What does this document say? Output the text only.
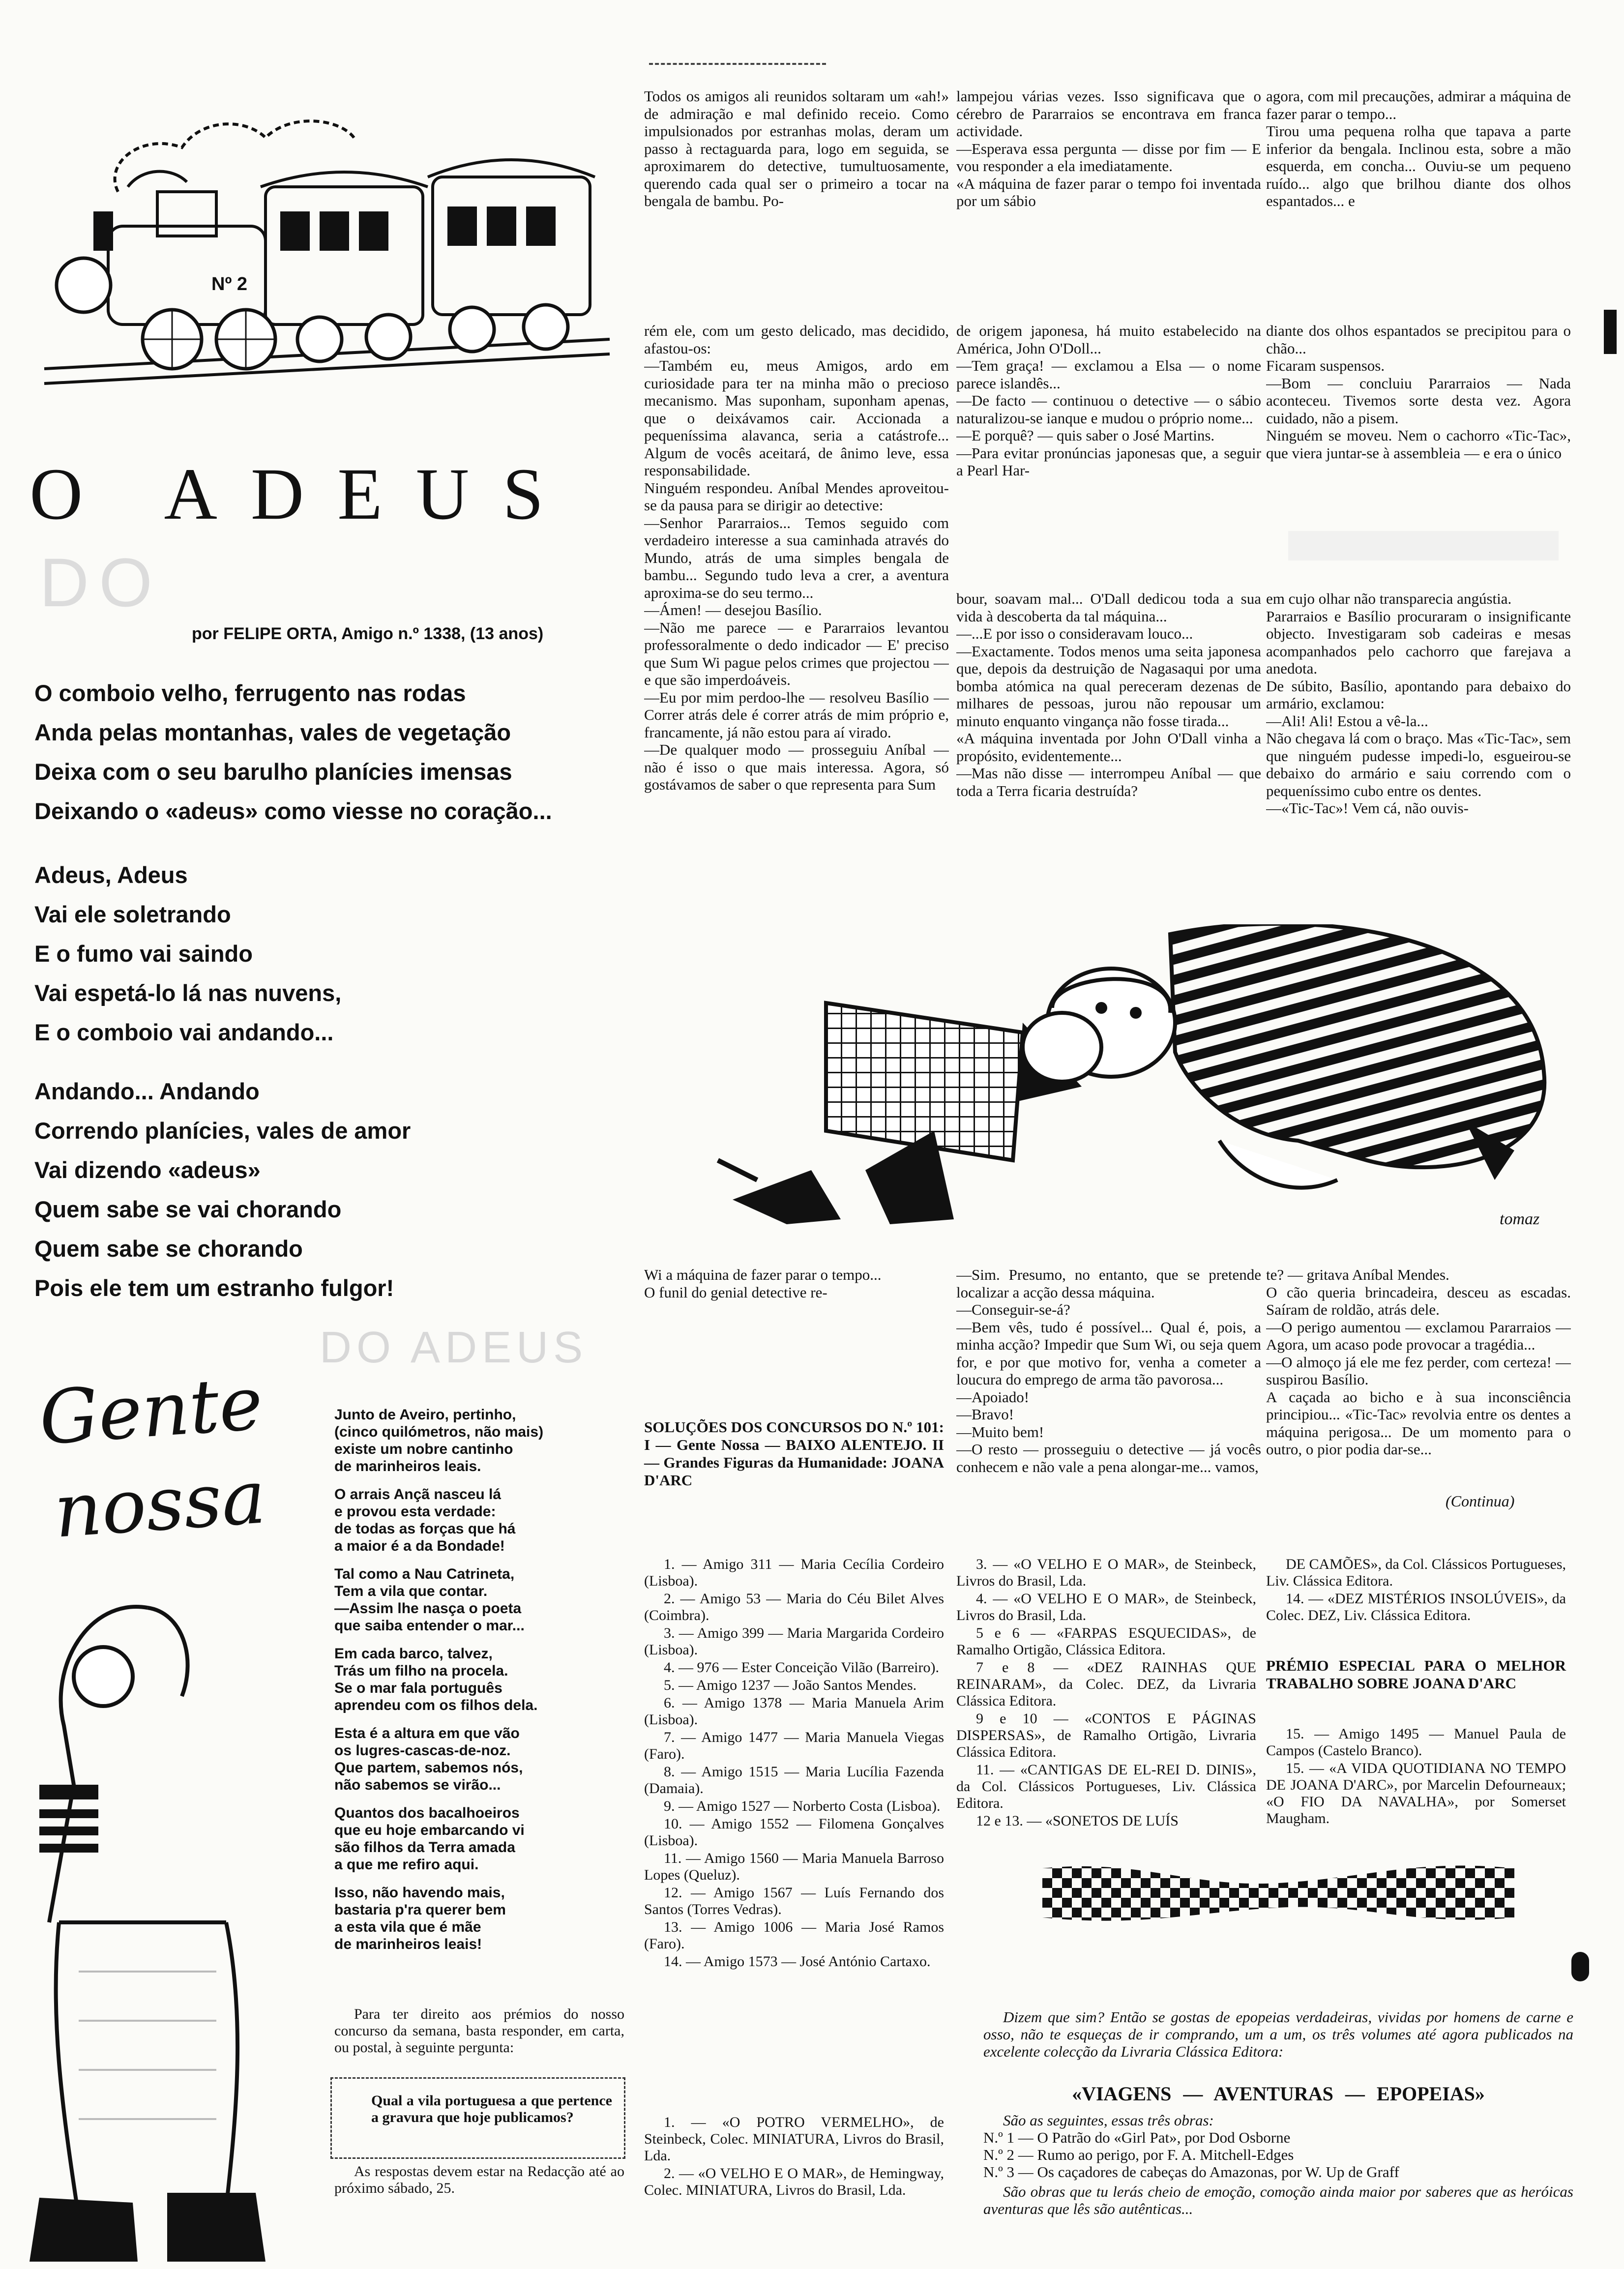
Nº 2
O ADEUS
DO
por FELIPE ORTA, Amigo n.º 1338, (13 anos)
O comboio velho, ferrugento nas rodas
Anda pelas montanhas, vales de vegetação
Deixa com o seu barulho planícies imensas
Deixando o «adeus» como viesse no coração...
Adeus, Adeus
Vai ele soletrando
E o fumo vai saindo
Vai espetá-lo lá nas nuvens,
E o comboio vai andando...
Andando... Andando
Correndo planícies, vales de amor
Vai dizendo «adeus»
Quem sabe se vai chorando
Quem sabe se chorando
Pois ele tem um estranho fulgor!
Todos os amigos ali reunidos soltaram um «ah!» de admiração e mal definido receio. Como impulsionados por estranhas molas, deram um passo à rectaguarda para, logo em seguida, se aproximarem do detective, tumultuosamente, querendo cada qual ser o primeiro a tocar na bengala de bambu. Po-
lampejou várias vezes. Isso significava que o cérebro de Pararraios se encontrava em franca actividade.
—Esperava essa pergunta — disse por fim — E vou responder a ela imediatamente.
«A máquina de fazer parar o tempo foi inventada por um sábio
agora, com mil precauções, admirar a máquina de fazer parar o tempo...
Tirou uma pequena rolha que tapava a parte inferior da bengala. Inclinou esta, sobre a mão esquerda, em concha... Ouviu-se um pequeno ruído... algo que brilhou diante dos olhos espantados... e
rém ele, com um gesto delicado, mas decidido, afastou-os:
—Também eu, meus Amigos, ardo em curiosidade para ter na minha mão o precioso mecanismo. Mas suponham, suponham apenas, que o deixávamos cair. Accionada a pequeníssima alavanca, seria a catástrofe... Algum de vocês aceitará, de ânimo leve, essa responsabilidade.
Ninguém respondeu. Aníbal Mendes aproveitou-se da pausa para se dirigir ao detective:
—Senhor Pararraios... Temos seguido com verdadeiro interesse a sua caminhada através do Mundo, atrás de uma simples bengala de bambu... Segundo tudo leva a crer, a aventura aproxima-se do seu termo...
—Ámen! — desejou Basílio.
—Não me parece — e Pararraios levantou professoralmente o dedo indicador — E' preciso que Sum Wi pague pelos crimes que projectou — e que são imperdoáveis.
—Eu por mim perdoo-lhe — resolveu Basílio — Correr atrás dele é correr atrás de mim próprio e, francamente, já não estou para aí virado.
—De qualquer modo — prosseguiu Aníbal — não é isso o que mais interessa. Agora, só gostávamos de saber o que representa para Sum
de origem japonesa, há muito estabelecido na América, John O'Doll...
—Tem graça! — exclamou a Elsa — o nome parece islandês...
—De facto — continuou o detective — o sábio naturalizou-se ianque e mudou o próprio nome...
—E porquê? — quis saber o José Martins.
—Para evitar pronúncias japonesas que, a seguir a Pearl Har-
bour, soavam mal... O'Dall dedicou toda a sua vida à descoberta da tal máquina...
—...E por isso o consideravam louco...
—Exactamente. Todos menos uma seita japonesa que, depois da destruição de Nagasaqui por uma bomba atómica na qual pereceram dezenas de milhares de pessoas, jurou não repousar um minuto enquanto vingança não fosse tirada...
«A máquina inventada por John O'Dall vinha a propósito, evidentemente...
—Mas não disse — interrompeu Aníbal — que toda a Terra ficaria destruída?
diante dos olhos espantados se precipitou para o chão...
Ficaram suspensos.
—Bom — concluiu Pararraios — Nada aconteceu. Tivemos sorte desta vez. Agora cuidado, não a pisem.
Ninguém se moveu. Nem o cachorro «Tic-Tac», que viera juntar-se à assembleia — e era o único
em cujo olhar não transparecia angústia.
Pararraios e Basílio procuraram o insignificante objecto. Investigaram sob cadeiras e mesas acompanhados pelo cachorro que farejava a anedota.
De súbito, Basílio, apontando para debaixo do armário, exclamou:
—Ali! Ali! Estou a vê-la...
Não chegava lá com o braço. Mas «Tic-Tac», sem que ninguém pudesse impedi-lo, esgueirou-se debaixo do armário e saiu correndo com o pequeníssimo cubo entre os dentes.
—«Tic-Tac»! Vem cá, não ouvis-
tomaz
Wi a máquina de fazer parar o tempo...
O funil do genial detective re-
—Sim. Presumo, no entanto, que se pretende localizar a acção dessa máquina.
—Conseguir-se-á?
—Bem vês, tudo é possível... Qual é, pois, a minha acção? Impedir que Sum Wi, ou seja quem for, e por que motivo for, venha a cometer a loucura do emprego de arma tão pavorosa...
—Apoiado!
—Bravo!
—Muito bem!
—O resto — prosseguiu o detective — já vocês conhecem e não vale a pena alongar-me... vamos,
te? — gritava Aníbal Mendes.
O cão queria brincadeira, desceu as escadas. Saíram de roldão, atrás dele.
—O perigo aumentou — exclamou Pararraios — Agora, um acaso pode provocar a tragédia...
—O almoço já ele me fez perder, com certeza! — suspirou Basílio.
A caçada ao bicho e à sua inconsciência principiou... «Tic-Tac» revolvia entre os dentes a máquina perigosa... De um momento para o outro, o pior podia dar-se...
(Continua)
DO ADEUS
Gente
nossa

Junto de Aveiro, pertinho,
(cinco quilómetros, não mais)
existe um nobre cantinho
de marinheiros leais.

O arrais Ançã nasceu lá
e provou esta verdade:
de todas as forças que há
a maior é a da Bondade!

Tal como a Nau Catrineta,
Tem a vila que contar.
—Assim lhe nasça o poeta
que saiba entender o mar...

Em cada barco, talvez,
Trás um filho na procela.
Se o mar fala português
aprendeu com os filhos dela.

Esta é a altura em que vão
os lugres-cascas-de-noz.
Que partem, sabemos nós,
não sabemos se virão...

Quantos dos bacalhoeiros
que eu hoje embarcando vi
são filhos da Terra amada
a que me refiro aqui.

Isso, não havendo mais,
bastaria p'ra querer bem
a esta vila que é mãe
de marinheiros leais!

Para ter direito aos prémios do nosso concurso da semana, basta responder, em carta, ou postal, à seguinte pergunta:
Qual a vila portuguesa a que pertence a gravura que hoje publicamos?
As respostas devem estar na Redacção até ao próximo sábado, 25.
SOLUÇÕES DOS CONCURSOS DO N.º 101: I — Gente Nossa — BAIXO ALENTEJO. II — Grandes Figuras da Humanidade: JOANA D'ARC

1. — Amigo 311 — Maria Cecília Cordeiro (Lisboa).

2. — Amigo 53 — Maria do Céu Bilet Alves (Coimbra).

3. — Amigo 399 — Maria Margarida Cordeiro (Lisboa).

4. — 976 — Ester Conceição Vilão (Barreiro).

5. — Amigo 1237 — João Santos Mendes.

6. — Amigo 1378 — Maria Manuela Arim (Lisboa).

7. — Amigo 1477 — Maria Manuela Viegas (Faro).

8. — Amigo 1515 — Maria Lucília Fazenda (Damaia).

9. — Amigo 1527 — Norberto Costa (Lisboa).

10. — Amigo 1552 — Filomena Gonçalves (Lisboa).

11. — Amigo 1560 — Maria Manuela Barroso Lopes (Queluz).

12. — Amigo 1567 — Luís Fernando dos Santos (Torres Vedras).

13. — Amigo 1006 — Maria José Ramos (Faro).

14. — Amigo 1573 — José António Cartaxo.

1. — «O POTRO VERMELHO», de Steinbeck, Colec. MINIATURA, Livros do Brasil, Lda.

2. — «O VELHO E O MAR», de Hemingway, Colec. MINIATURA, Livros do Brasil, Lda.

3. — «O VELHO E O MAR», de Steinbeck, Livros do Brasil, Lda.

4. — «O VELHO E O MAR», de Steinbeck, Livros do Brasil, Lda.

5 e 6 — «FARPAS ESQUECIDAS», de Ramalho Ortigão, Clássica Editora.

7 e 8 — «DEZ RAINHAS QUE REINARAM», da Colec. DEZ, da Livraria Clássica Editora.

9 e 10 — «CONTOS E PÁGINAS DISPERSAS», de Ramalho Ortigão, Livraria Clássica Editora.

11. — «CANTIGAS DE EL-REI D. DINIS», da Col. Clássicos Portugueses, Liv. Clássica Editora.

12 e 13. — «SONETOS DE LUÍS

DE CAMÕES», da Col. Clássicos Portugueses, Liv. Clássica Editora.

14. — «DEZ MISTÉRIOS INSOLÚVEIS», da Colec. DEZ, Liv. Clássica Editora.

PRÉMIO ESPECIAL PARA O MELHOR TRABALHO SOBRE JOANA D'ARC

15. — Amigo 1495 — Manuel Paula de Campos (Castelo Branco).

15. — «A VIDA QUOTIDIANA NO TEMPO DE JOANA D'ARC», por Marcelin Defourneaux; «O FIO DA NAVALHA», por Somerset Maugham.

Dizem que sim? Então se gostas de epopeias verdadeiras, vividas por homens de carne e osso, não te esqueças de ir comprando, um a um, os três volumes até agora publicados na excelente colecção da Livraria Clássica Editora:
«VIAGENS — AVENTURAS — EPOPEIAS»
São as seguintes, essas três obras:
N.º 1 — O Patrão do «Girl Pat», por Dod Osborne
N.º 2 — Rumo ao perigo, por F. A. Mitchell-Edges
N.º 3 — Os caçadores de cabeças do Amazonas, por W. Up de Graff
São obras que tu lerás cheio de emoção, comoção ainda maior por saberes que as heróicas aventuras que lês são autênticas...
